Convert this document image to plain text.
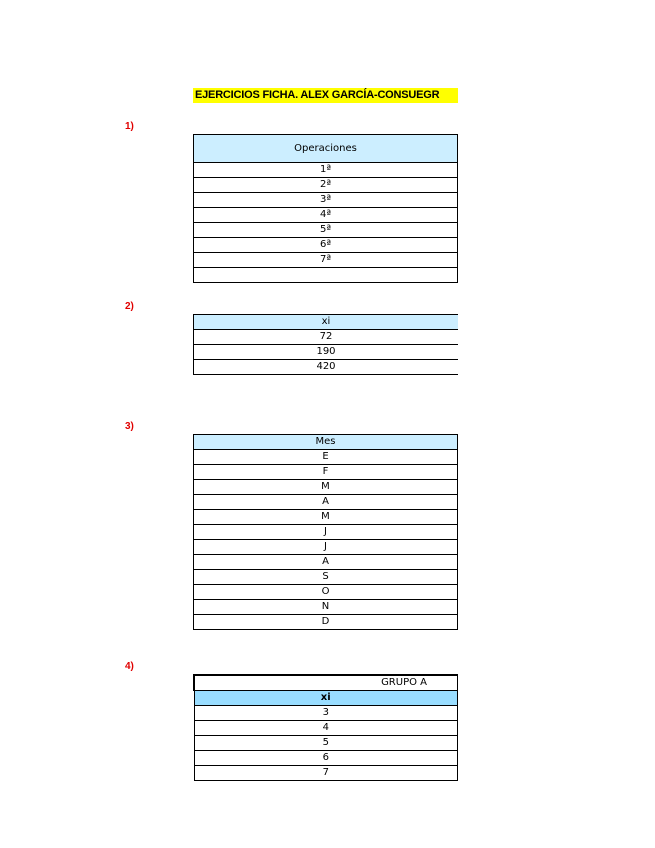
EJERCICIOS FICHA. ALEX GARCÍA-CONSUEGR
1)
Operaciones
1ª
2ª
3ª
4ª
5ª
6ª
7ª

2)
xi
72
190
420
3)
Mes
E
F
M
A
M
J
J
A
S
O
N
D
4)
GRUPO A
xi
3
4
5
6
7
